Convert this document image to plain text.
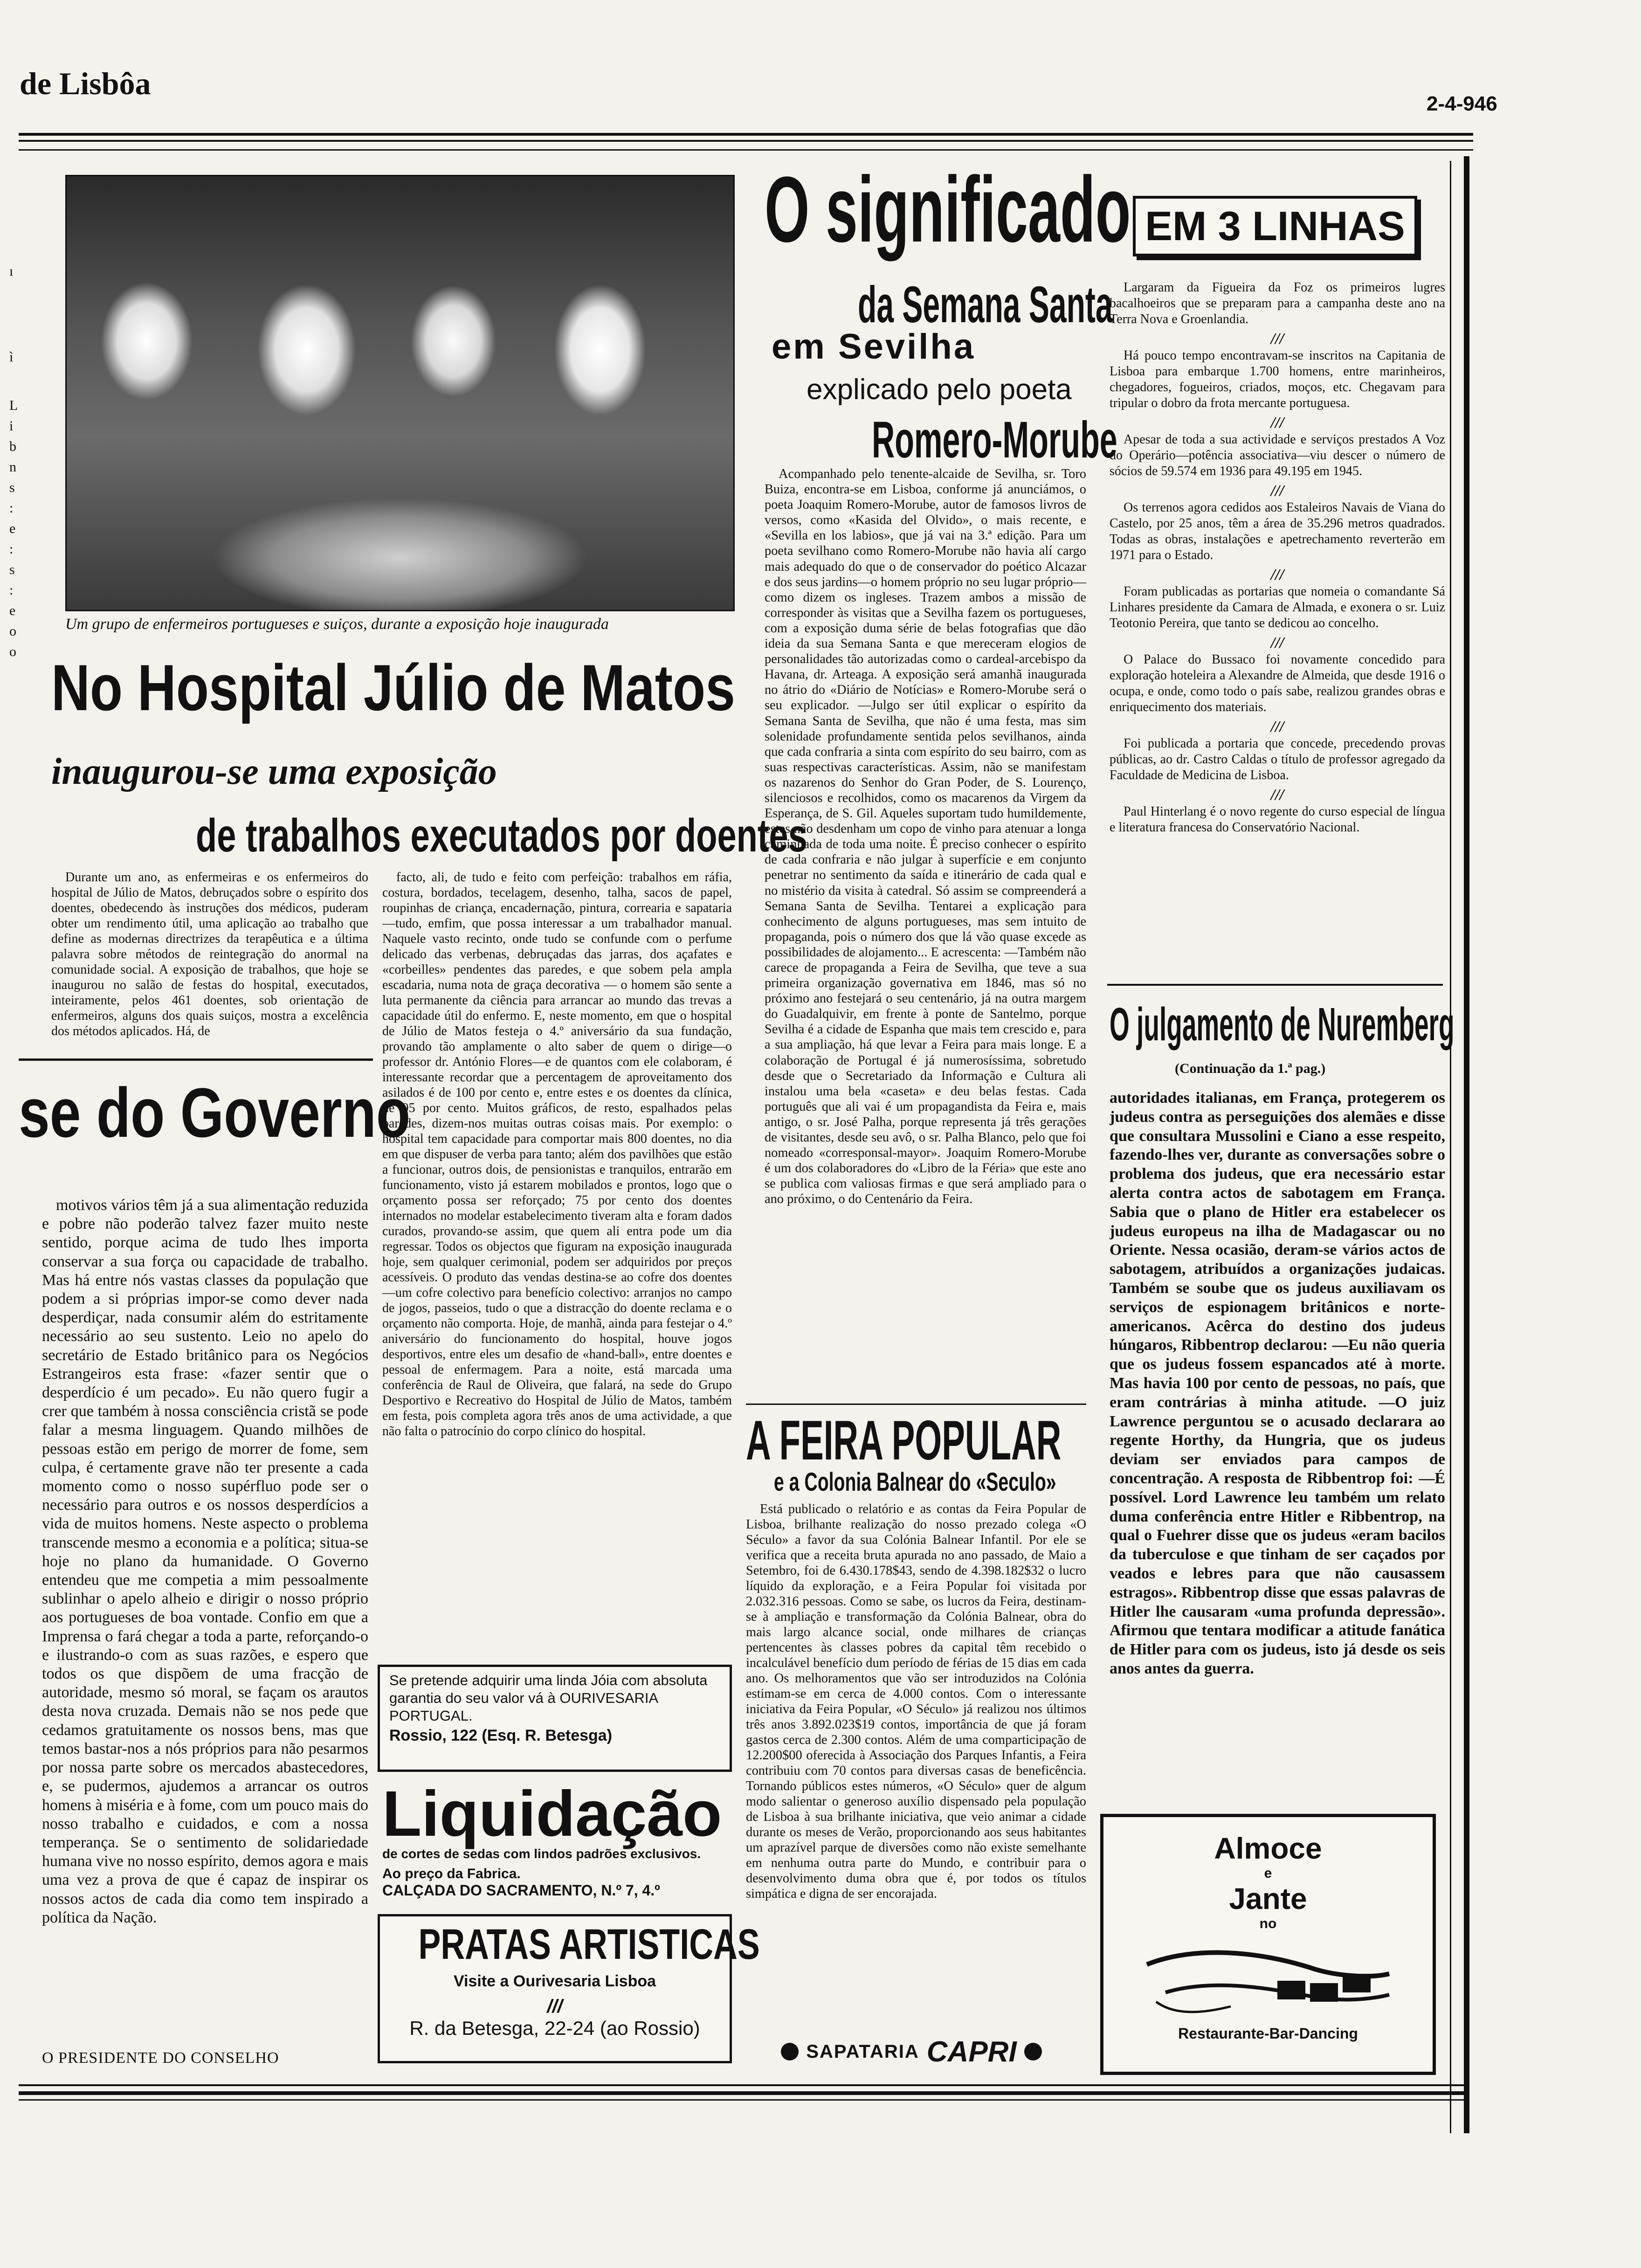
de Lisbôa
2-4-946
ı
ì
L
i
b
n
s
:
e
:
s
:
e
o
o
Um grupo de enfermeiros portugueses e suiços, durante a exposição hoje inaugurada
No Hospital Júlio de Matos
inaugurou-se uma exposição
de trabalhos executados por doentes

Durante um ano, as enfermeiras e os enfermeiros do hospital de Júlio de Matos, debruçados sobre o espírito dos doentes, obedecendo às instruções dos médicos, puderam obter um rendimento útil, uma aplicação ao trabalho que define as modernas directrizes da terapêutica e a última palavra sobre métodos de reintegração do anormal na comunidade social. A exposição de trabalhos, que hoje se inaugurou no salão de festas do hospital, executados, inteiramente, pelos 461 doentes, sob orientação de enfermeiros, alguns dos quais suiços, mostra a excelência dos métodos aplicados. Há, de

facto, ali, de tudo e feito com perfeição: trabalhos em ráfia, costura, bordados, tecelagem, desenho, talha, sacos de papel, roupinhas de criança, encadernação, pintura, correaria e sapataria—tudo, emfim, que possa interessar a um trabalhador manual. Naquele vasto recinto, onde tudo se confunde com o perfume delicado das verbenas, debruçadas das jarras, dos açafates e «corbeilles» pendentes das paredes, e que sobem pela ampla escadaria, numa nota de graça decorativa — o homem são sente a luta permanente da ciência para arrancar ao mundo das trevas a capacidade útil do enfermo. E, neste momento, em que o hospital de Júlio de Matos festeja o 4.º aniversário da sua fundação, provando tão amplamente o alto saber de quem o dirige—o professor dr. António Flores—e de quantos com ele colaboram, é interessante recordar que a percentagem de aproveitamento dos asilados é de 100 por cento e, entre estes e os doentes da clínica, de 95 por cento. Muitos gráficos, de resto, espalhados pelas paredes, dizem-nos muitas outras coisas mais. Por exemplo: o hospital tem capacidade para comportar mais 800 doentes, no dia em que dispuser de verba para tanto; além dos pavilhões que estão a funcionar, outros dois, de pensionistas e tranquilos, entrarão em funcionamento, visto já estarem mobilados e prontos, logo que o orçamento possa ser reforçado; 75 por cento dos doentes internados no modelar estabelecimento tiveram alta e foram dados curados, provando-se assim, que quem ali entra pode um dia regressar. Todos os objectos que figuram na exposição inaugurada hoje, sem qualquer cerimonial, podem ser adquiridos por preços acessíveis. O produto das vendas destina-se ao cofre dos doentes—um cofre colectivo para benefício colectivo: arranjos no campo de jogos, passeios, tudo o que a distracção do doente reclama e o orçamento não comporta. Hoje, de manhã, ainda para festejar o 4.º aniversário do funcionamento do hospital, houve jogos desportivos, entre eles um desafio de «hand-ball», entre doentes e pessoal de enfermagem. Para a noite, está marcada uma conferência de Raul de Oliveira, que falará, na sede do Grupo Desportivo e Recreativo do Hospital de Júlio de Matos, também em festa, pois completa agora três anos de uma actividade, a que não falta o patrocínio do corpo clínico do hospital.

se do Governo

motivos vários têm já a sua alimentação reduzida e pobre não poderão talvez fazer muito neste sentido, porque acima de tudo lhes importa conservar a sua força ou capacidade de trabalho. Mas há entre nós vastas classes da população que podem a si próprias impor-se como dever nada desperdiçar, nada consumir além do estritamente necessário ao seu sustento. Leio no apelo do secretário de Estado britânico para os Negócios Estrangeiros esta frase: «fazer sentir que o desperdício é um pecado». Eu não quero fugir a crer que também à nossa consciência cristã se pode falar a mesma linguagem. Quando milhões de pessoas estão em perigo de morrer de fome, sem culpa, é certamente grave não ter presente a cada momento como o nosso supérfluo pode ser o necessário para outros e os nossos desperdícios a vida de muitos homens. Neste aspecto o problema transcende mesmo a economia e a política; situa-se hoje no plano da humanidade. O Governo entendeu que me competia a mim pessoalmente sublinhar o apelo alheio e dirigir o nosso próprio aos portugueses de boa vontade. Confio em que a Imprensa o fará chegar a toda a parte, reforçando-o e ilustrando-o com as suas razões, e espero que todos os que dispõem de uma fracção de autoridade, mesmo só moral, se façam os arautos desta nova cruzada. Demais não se nos pede que cedamos gratuitamente os nossos bens, mas que temos bastar-nos a nós próprios para não pesarmos por nossa parte sobre os mercados abastecedores, e, se pudermos, ajudemos a arrancar os outros homens à miséria e à fome, com um pouco mais do nosso trabalho e cuidados, e com a nossa temperança. Se o sentimento de solidariedade humana vive no nosso espírito, demos agora e mais uma vez a prova de que é capaz de inspirar os nossos actos de cada dia como tem inspirado a política da Nação.

O PRESIDENTE DO CONSELHO
Se pretende adquirir uma linda Jóia com absoluta garantia do seu valor vá à OURIVESARIA PORTUGAL.
Rossio, 122 (Esq. R. Betesga)
Liquidação
de cortes de sedas com lindos padrões exclusivos.
Ao preço da Fabrica.
CALÇADA DO SACRAMENTO, N.º 7, 4.º
PRATAS ARTISTICAS
Visite a Ourivesaria Lisboa
///
R. da Betesga, 22-24 (ao Rossio)
O significado
da Semana Santa
em Sevilha
explicado pelo poeta
Romero-Morube

Acompanhado pelo tenente-alcaide de Sevilha, sr. Toro Buiza, encontra-se em Lisboa, conforme já anunciámos, o poeta Joaquim Romero-Morube, autor de famosos livros de versos, como «Kasida del Olvido», o mais recente, e «Sevilla en los labios», que já vai na 3.ª edição. Para um poeta sevilhano como Romero-Morube não havia alí cargo mais adequado do que o de conservador do poético Alcazar e dos seus jardins—o homem próprio no seu lugar próprio—como dizem os ingleses. Trazem ambos a missão de corresponder às visitas que a Sevilha fazem os portugueses, com a exposição duma série de belas fotografias que dão ideia da sua Semana Santa e que mereceram elogios de personalidades tão autorizadas como o cardeal-arcebispo da Havana, dr. Arteaga. A exposição será amanhã inaugurada no átrio do «Diário de Notícias» e Romero-Morube será o seu explicador. —Julgo ser útil explicar o espírito da Semana Santa de Sevilha, que não é uma festa, mas sim solenidade profundamente sentida pelos sevilhanos, ainda que cada confraria a sinta com espírito do seu bairro, com as suas respectivas características. Assim, não se manifestam os nazarenos do Senhor do Gran Poder, de S. Lourenço, silenciosos e recolhidos, como os macarenos da Virgem da Esperança, de S. Gil. Aqueles suportam tudo humildemente, estes não desdenham um copo de vinho para atenuar a longa caminhada de toda uma noite. É preciso conhecer o espírito de cada confraria e não julgar à superfície e em conjunto penetrar no sentimento da saída e itinerário de cada qual e no mistério da visita à catedral. Só assim se compreenderá a Semana Santa de Sevilha. Tentarei a explicação para conhecimento de alguns portugueses, mas sem intuito de propaganda, pois o número dos que lá vão quase excede as possibilidades de alojamento... E acrescenta: —Também não carece de propaganda a Feira de Sevilha, que teve a sua primeira organização governativa em 1846, mas só no próximo ano festejará o seu centenário, já na outra margem do Guadalquivir, em frente à ponte de Santelmo, porque Sevilha é a cidade de Espanha que mais tem crescido e, para a sua ampliação, há que levar a Feira para mais longe. E a colaboração de Portugal é já numerosíssima, sobretudo desde que o Secretariado da Informação e Cultura ali instalou uma bela «caseta» e deu belas festas. Cada português que ali vai é um propagandista da Feira e, mais antigo, o sr. José Palha, porque representa já três gerações de visitantes, desde seu avô, o sr. Palha Blanco, pelo que foi nomeado «corresponsal-mayor». Joaquim Romero-Morube é um dos colaboradores do «Libro de la Féria» que este ano se publica com valiosas firmas e que será ampliado para o ano próximo, o do Centenário da Feira.

A FEIRA POPULAR
e a Colonia Balnear do «Seculo»

Está publicado o relatório e as contas da Feira Popular de Lisboa, brilhante realização do nosso prezado colega «O Século» a favor da sua Colónia Balnear Infantil. Por ele se verifica que a receita bruta apurada no ano passado, de Maio a Setembro, foi de 6.430.178$43, sendo de 4.398.182$32 o lucro líquido da exploração, e a Feira Popular foi visitada por 2.032.316 pessoas. Como se sabe, os lucros da Feira, destinam-se à ampliação e transformação da Colónia Balnear, obra do mais largo alcance social, onde milhares de crianças pertencentes às classes pobres da capital têm recebido o incalculável benefício dum período de férias de 15 dias em cada ano. Os melhoramentos que vão ser introduzidos na Colónia estimam-se em cerca de 4.000 contos. Com o interessante iniciativa da Feira Popular, «O Século» já realizou nos últimos três anos 3.892.023$19 contos, importância de que já foram gastos cerca de 2.300 contos. Além de uma comparticipação de 12.200$00 oferecida à Associação dos Parques Infantis, a Feira contribuiu com 70 contos para diversas casas de beneficência. Tornando públicos estes números, «O Século» quer de algum modo salientar o generoso auxílio dispensado pela população de Lisboa à sua brilhante iniciativa, que veio animar a cidade durante os meses de Verão, proporcionando aos seus habitantes um aprazível parque de diversões como não existe semelhante em nenhuma outra parte do Mundo, e contribuir para o desenvolvimento duma obra que é, por todos os títulos simpática e digna de ser encorajada.

SAPATARIA CAPRI
EM 3 LINHAS
Largaram da Figueira da Foz os primeiros lugres bacalhoeiros que se preparam para a campanha deste ano na Terra Nova e Groenlandia.
///
Há pouco tempo encontravam-se inscritos na Capitania de Lisboa para embarque 1.700 homens, entre marinheiros, chegadores, fogueiros, criados, moços, etc. Chegavam para tripular o dobro da frota mercante portuguesa.
///
Apesar de toda a sua actividade e serviços prestados A Voz do Operário—potência associativa—viu descer o número de sócios de 59.574 em 1936 para 49.195 em 1945.
///
Os terrenos agora cedidos aos Estaleiros Navais de Viana do Castelo, por 25 anos, têm a área de 35.296 metros quadrados. Todas as obras, instalações e apetrechamento reverterão em 1971 para o Estado.
///
Foram publicadas as portarias que nomeia o comandante Sá Linhares presidente da Camara de Almada, e exonera o sr. Luiz Teotonio Pereira, que tanto se dedicou ao concelho.
///
O Palace do Bussaco foi novamente concedido para exploração hoteleira a Alexandre de Almeida, que desde 1916 o ocupa, e onde, como todo o país sabe, realizou grandes obras e enriquecimento dos materiais.
///
Foi publicada a portaria que concede, precedendo provas públicas, ao dr. Castro Caldas o título de professor agregado da Faculdade de Medicina de Lisboa.
///
Paul Hinterlang é o novo regente do curso especial de língua e literatura francesa do Conservatório Nacional.
O julgamento de Nuremberg
(Continuação da 1.ª pag.)

autoridades italianas, em França, protegerem os judeus contra as perseguições dos alemães e disse que consultara Mussolini e Ciano a esse respeito, fazendo-lhes ver, durante as conversações sobre o problema dos judeus, que era necessário estar alerta contra actos de sabotagem em França. Sabia que o plano de Hitler era estabelecer os judeus europeus na ilha de Madagascar ou no Oriente. Nessa ocasião, deram-se vários actos de sabotagem, atribuídos a organizações judaicas. Também se soube que os judeus auxiliavam os serviços de espionagem britânicos e norte-americanos. Acêrca do destino dos judeus húngaros, Ribbentrop declarou: —Eu não queria que os judeus fossem espancados até à morte. Mas havia 100 por cento de pessoas, no país, que eram contrárias à minha atitude. —O juiz Lawrence perguntou se o acusado declarara ao regente Horthy, da Hungria, que os judeus deviam ser enviados para campos de concentração. A resposta de Ribbentrop foi: —É possível. Lord Lawrence leu também um relato duma conferência entre Hitler e Ribbentrop, na qual o Fuehrer disse que os judeus «eram bacilos da tuberculose e que tinham de ser caçados por veados e lebres para que não causassem estragos». Ribbentrop disse que essas palavras de Hitler lhe causaram «uma profunda depressão». Afirmou que tentara modificar a atitude fanática de Hitler para com os judeus, isto já desde os seis anos antes da guerra.

Almoce
e
Jante
no
Restaurante-Bar-Dancing
